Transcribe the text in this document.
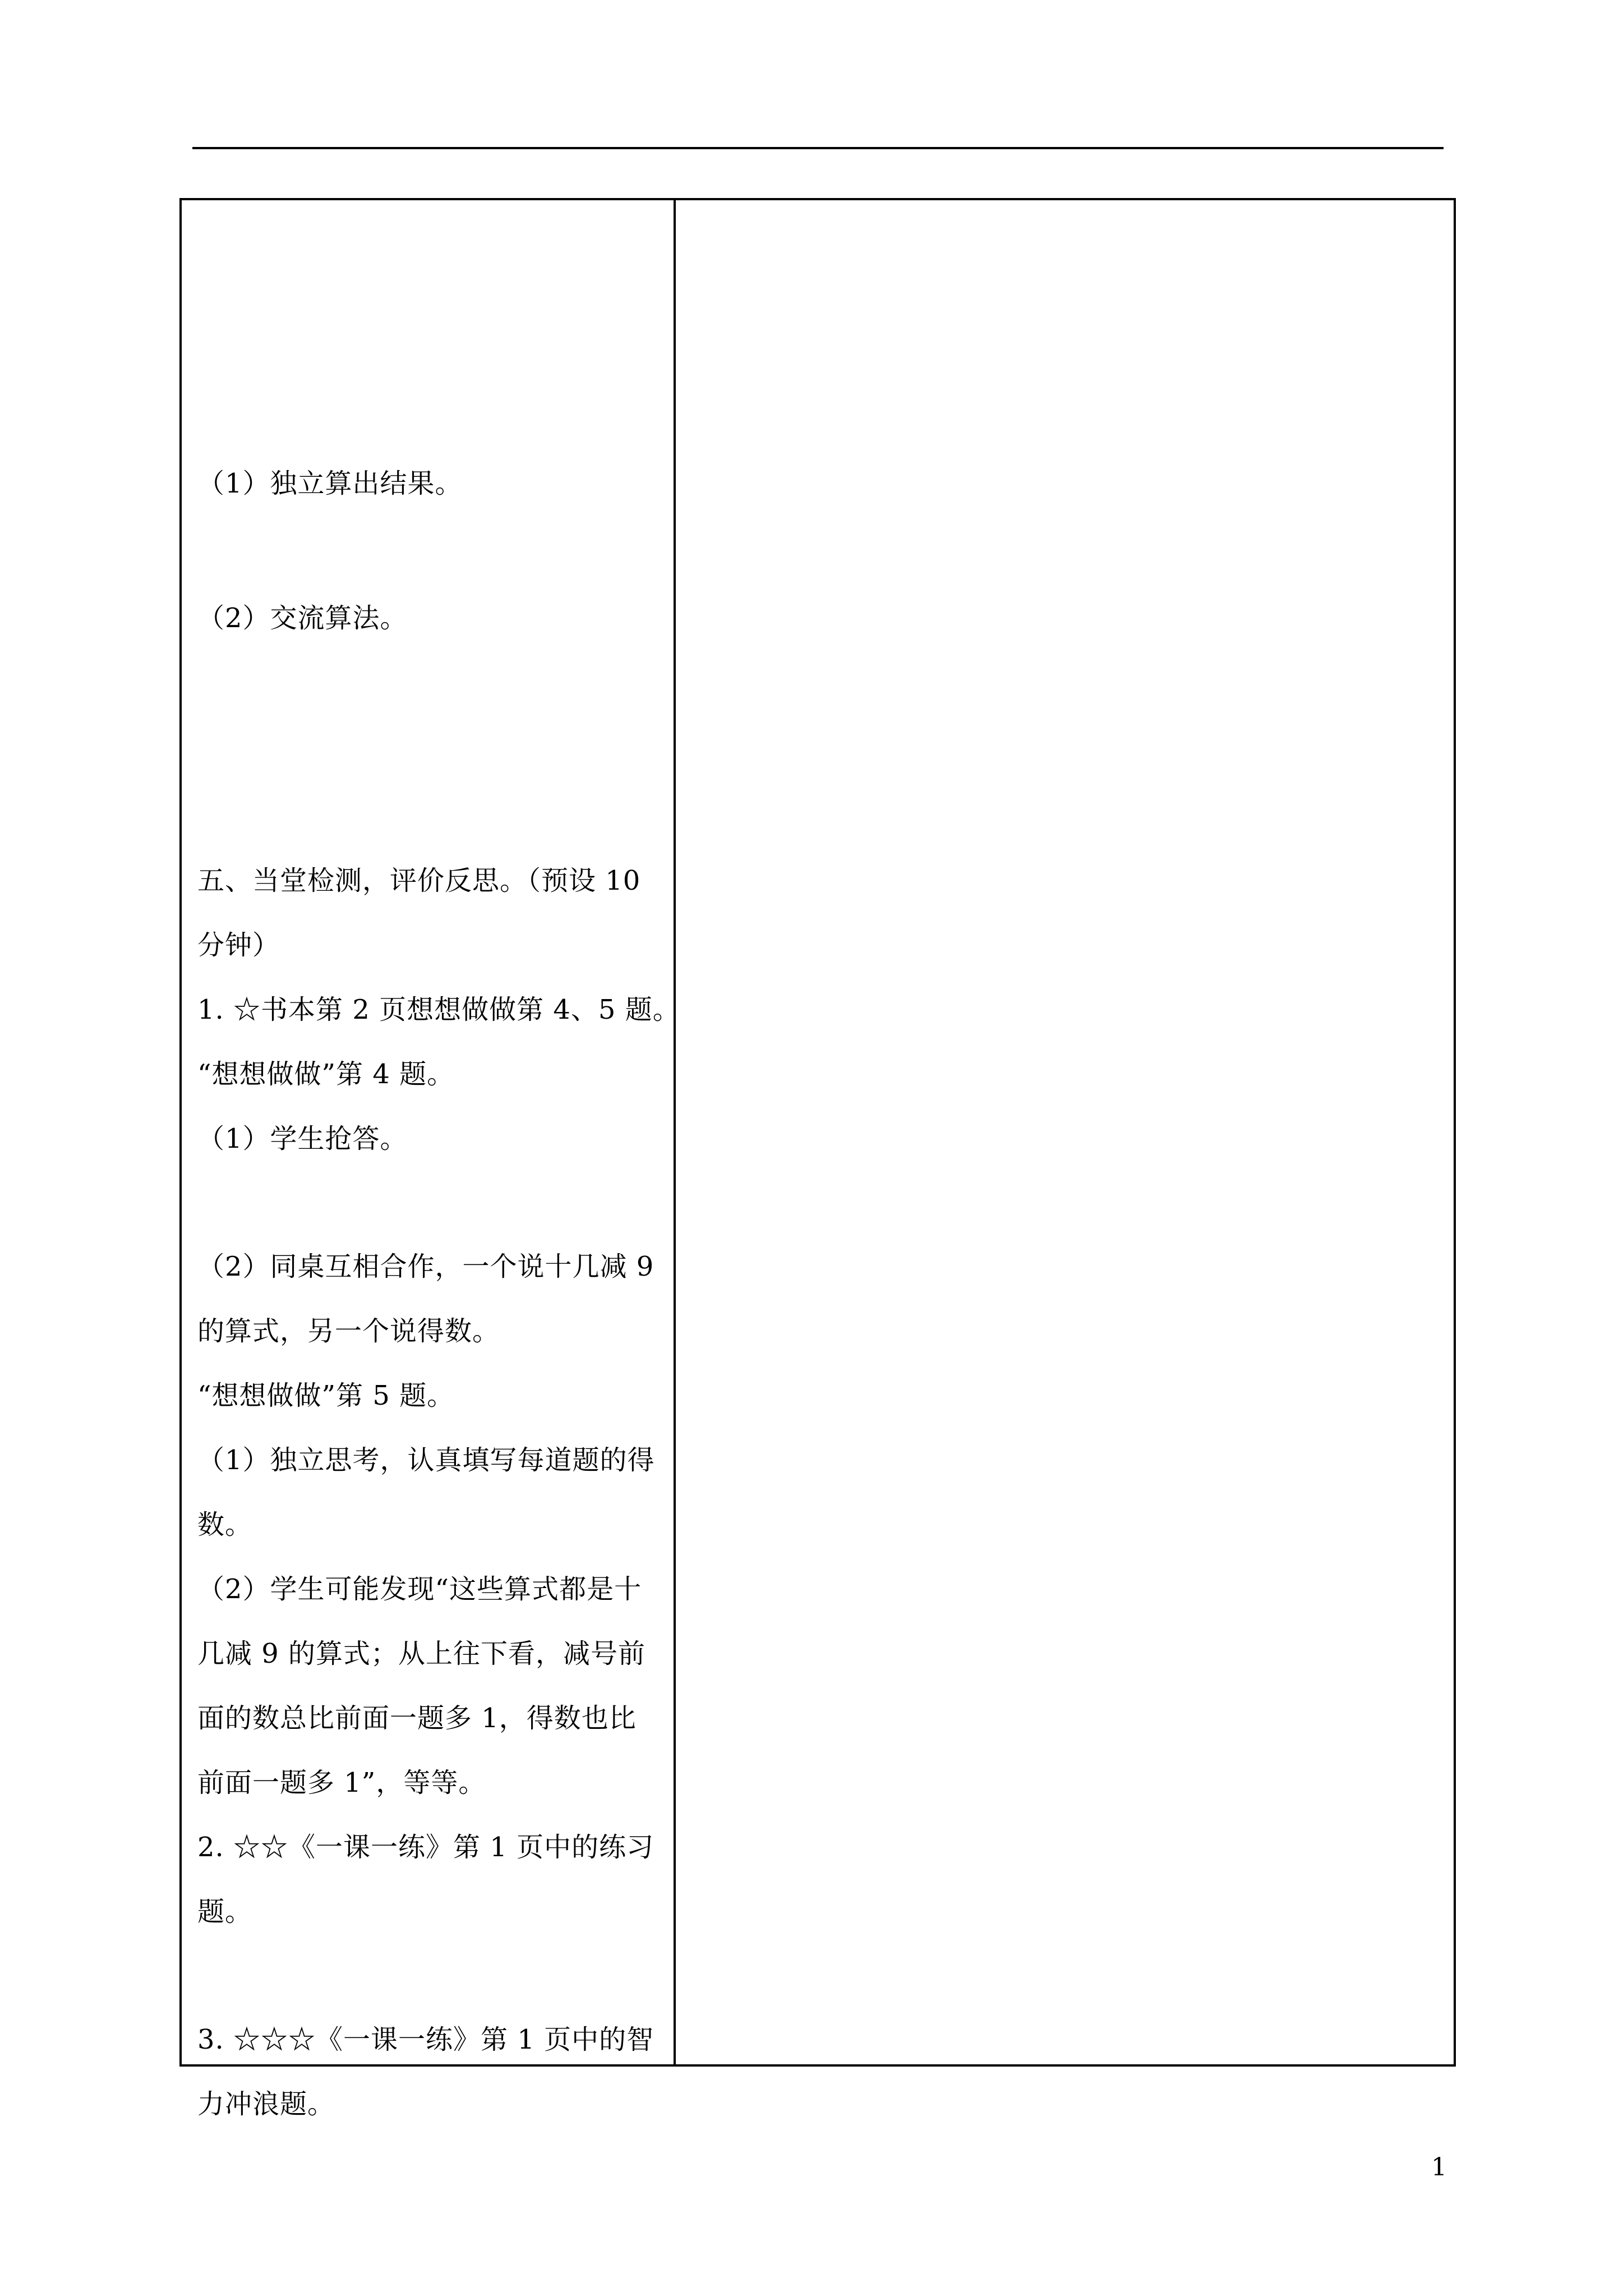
（1）独立算出结果。
（2）交流算法。
五、当堂检测，评价反思。（预设 10
分钟）
1. ☆书本第 2 页想想做做第 4、5 题。
“想想做做”第 4 题。
（1）学生抢答。
（2）同桌互相合作，一个说十几减 9
的算式，另一个说得数。
“想想做做”第 5 题。
（1）独立思考，认真填写每道题的得
数。
（2）学生可能发现“这些算式都是十
几减 9 的算式；从上往下看，减号前
面的数总比前面一题多 1，得数也比
前面一题多 1”，等等。
2. ☆☆《一课一练》第 1 页中的练习
题。
3. ☆☆☆《一课一练》第 1 页中的智
力冲浪题。
1
